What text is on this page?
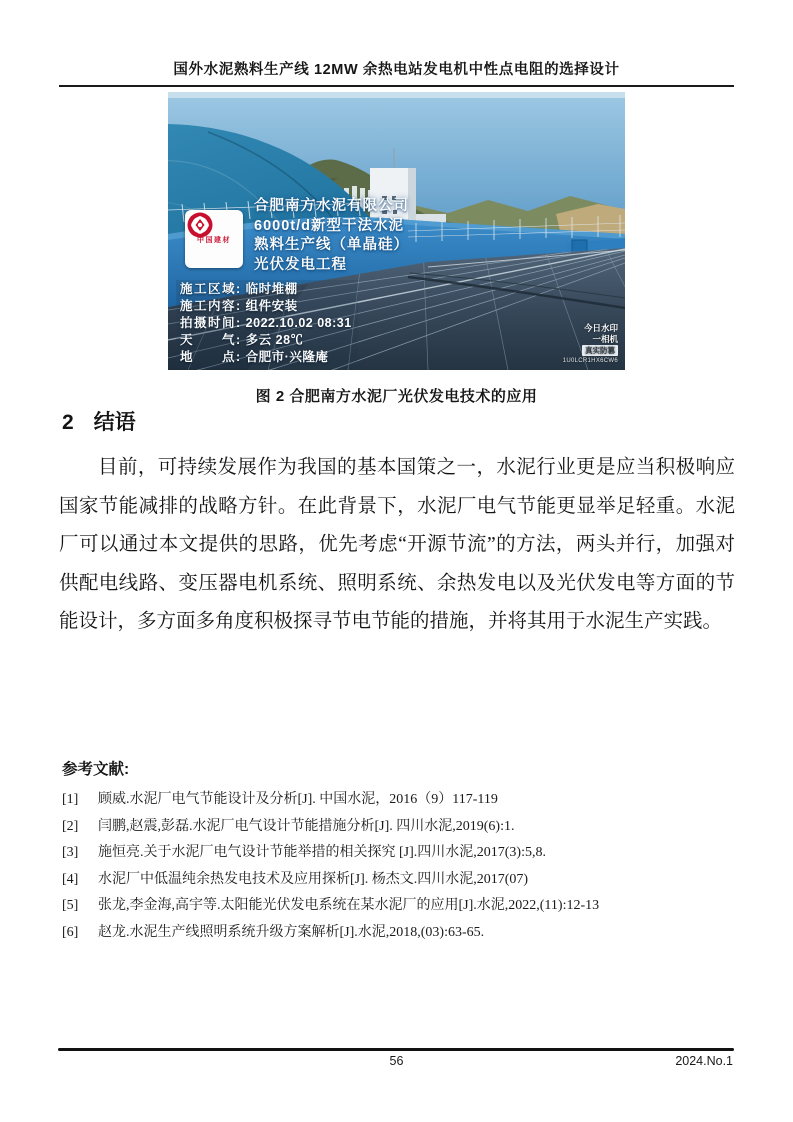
国外水泥熟料生产线 12MW 余热电站发电机中性点电阻的选择设计
合肥南方水泥有限公司
6000t/d新型干法水泥
熟料生产线（单晶硅）
光伏发电工程
中国建材
施工区域: 临时堆棚
施工内容: 组件安装
拍摄时间: 2022.10.02 08:31
天　　气: 多云 28℃
地　　点: 合肥市·兴隆庵
今日水印
一相机
真实防篡
1U0LCR1HX6CW6
图 2 合肥南方水泥厂光伏发电技术的应用
2 结语

目前，可持续发展作为我国的基本国策之一，水泥行业更是应当积极响应国家节能减排的战略方针。在此背景下，水泥厂电气节能更显举足轻重。水泥厂可以通过本文提供的思路，优先考虑“开源节流”的方法，两头并行，加强对供配电线路、变压器电机系统、照明系统、余热发电以及光伏发电等方面的节能设计，多方面多角度积极探寻节电节能的措施，并将其用于水泥生产实践。

参考文献:
[1]	顾威.水泥厂电气节能设计及分析[J]. 中国水泥，2016（9）117-119
[2]	闫鹏,赵震,彭磊.水泥厂电气设计节能措施分析[J]. 四川水泥,2019(6):1.
[3]	施恒亮.关于水泥厂电气设计节能举措的相关探究 [J].四川水泥,2017(3):5,8.
[4]	水泥厂中低温纯余热发电技术及应用探析[J]. 杨杰文.四川水泥,2017(07)
[5]	张龙,李金海,高宇等.太阳能光伏发电系统在某水泥厂的应用[J].水泥,2022,(11):12-13
[6]	赵龙.水泥生产线照明系统升级方案解析[J].水泥,2018,(03):63-65.
56	2024.No.1
